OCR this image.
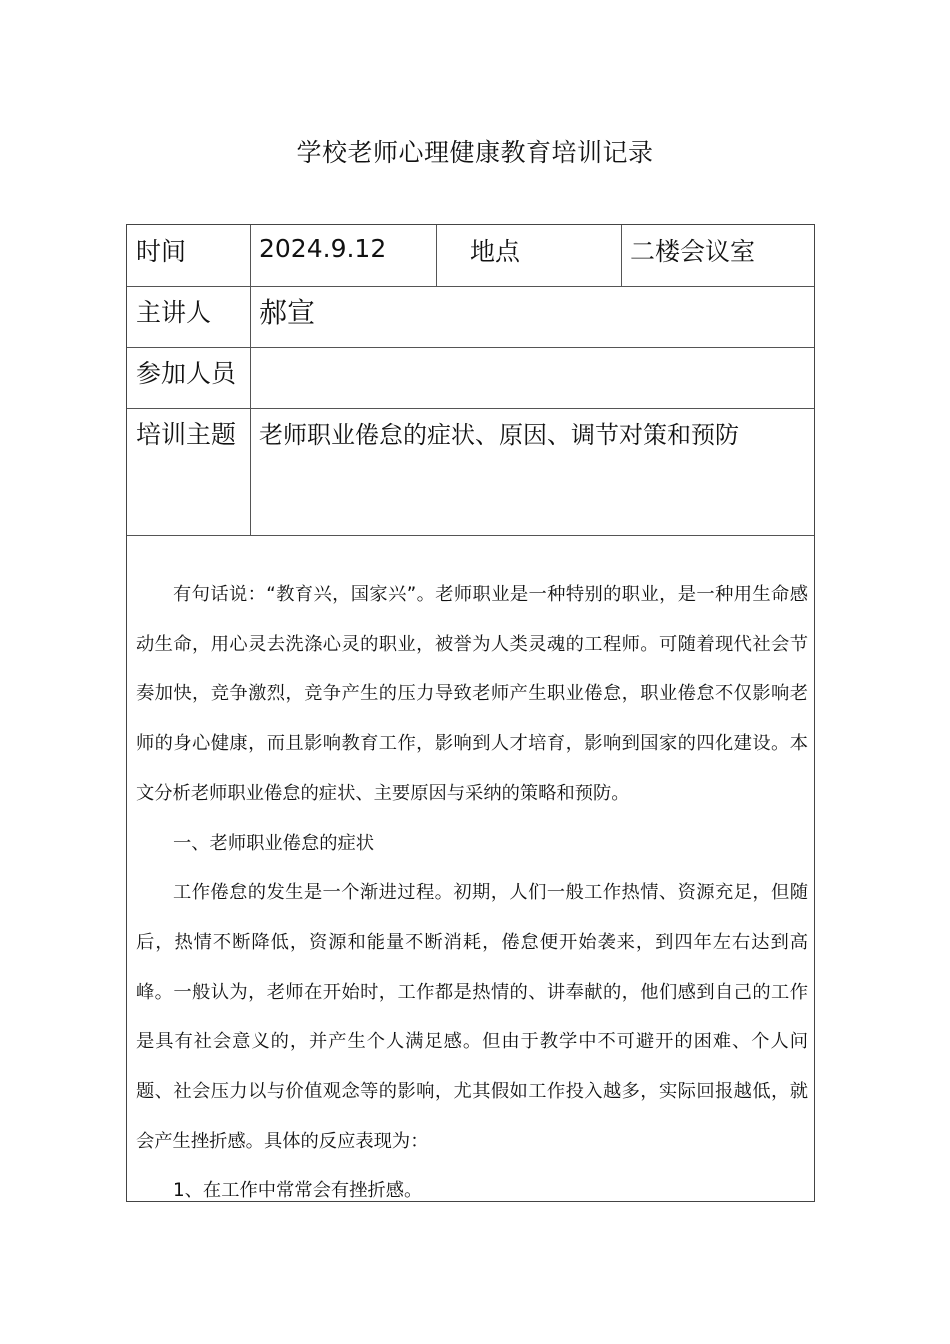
学校老师心理健康教育培训记录
时间	2024.9.12	地点	二楼会议室
主讲人 郝宣
参加人员
培训主题 老师职业倦怠的症状、原因、调节对策和预防

有句话说：“教育兴，国家兴”。老师职业是一种特别的职业，是一种用生命感动生命，用心灵去洗涤心灵的职业，被誉为人类灵魂的工程师。可随着现代社会节奏加快，竞争激烈，竞争产生的压力导致老师产生职业倦怠，职业倦怠不仅影响老师的身心健康，而且影响教育工作，影响到人才培育，影响到国家的四化建设。本文分析老师职业倦怠的症状、主要原因与采纳的策略和预防。

一、老师职业倦怠的症状

工作倦怠的发生是一个渐进过程。初期，人们一般工作热情、资源充足，但随后，热情不断降低，资源和能量不断消耗，倦怠便开始袭来，到四年左右达到高峰。一般认为，老师在开始时，工作都是热情的、讲奉献的，他们感到自己的工作是具有社会意义的，并产生个人满足感。但由于教学中不可避开的困难、个人问题、社会压力以与价值观念等的影响，尤其假如工作投入越多，实际回报越低，就会产生挫折感。具体的反应表现为：

1、在工作中常常会有挫折感。
